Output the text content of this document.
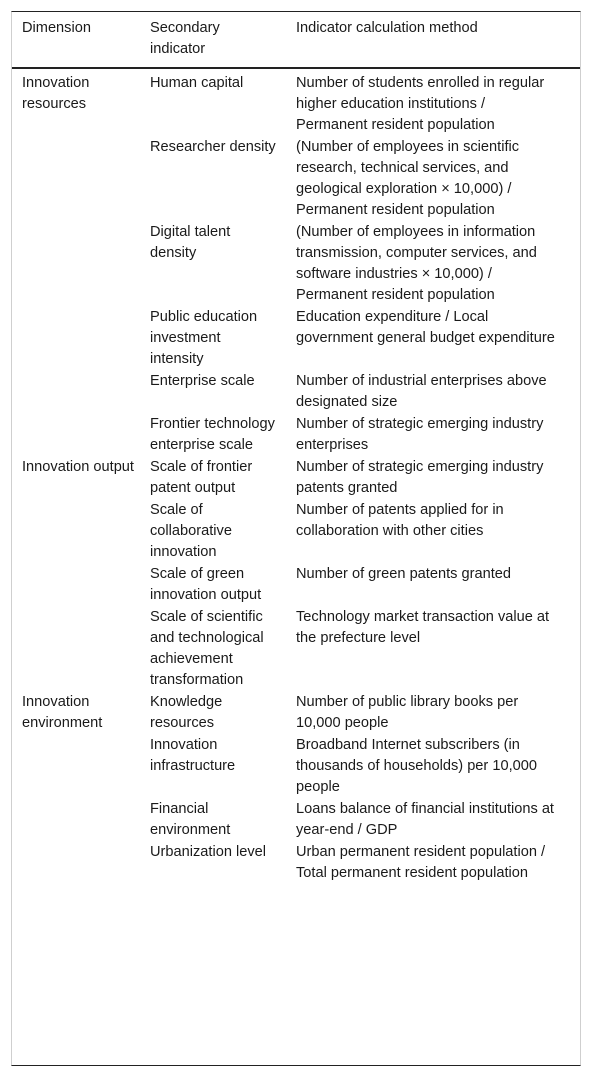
Dimension	Secondary indicator	Indicator calculation method
Innovation resources	Human capital	Number of students enrolled in regular higher education institutions / Permanent resident population
	Researcher density	(Number of employees in scientific research, technical services, and geological exploration × 10,000) / Permanent resident population
	Digital talent density	(Number of employees in information transmission, computer services, and software industries × 10,000) / Permanent resident population
	Public education investment intensity	Education expenditure / Local government general budget expenditure
	Enterprise scale	Number of industrial enterprises above designated size
	Frontier technology enterprise scale	Number of strategic emerging industry enterprises
Innovation output	Scale of frontier patent output	Number of strategic emerging industry patents granted
	Scale of collaborative innovation	Number of patents applied for in collaboration with other cities
	Scale of green innovation output	Number of green patents granted
	Scale of scientific and technological achievement transformation	Technology market transaction value at the prefecture level
Innovation environment	Knowledge resources	Number of public library books per 10,000 people
	Innovation infrastructure	Broadband Internet subscribers (in thousands of households) per 10,000 people
	Financial environment	Loans balance of financial institutions at year-end / GDP
	Urbanization level	Urban permanent resident population / Total permanent resident population
